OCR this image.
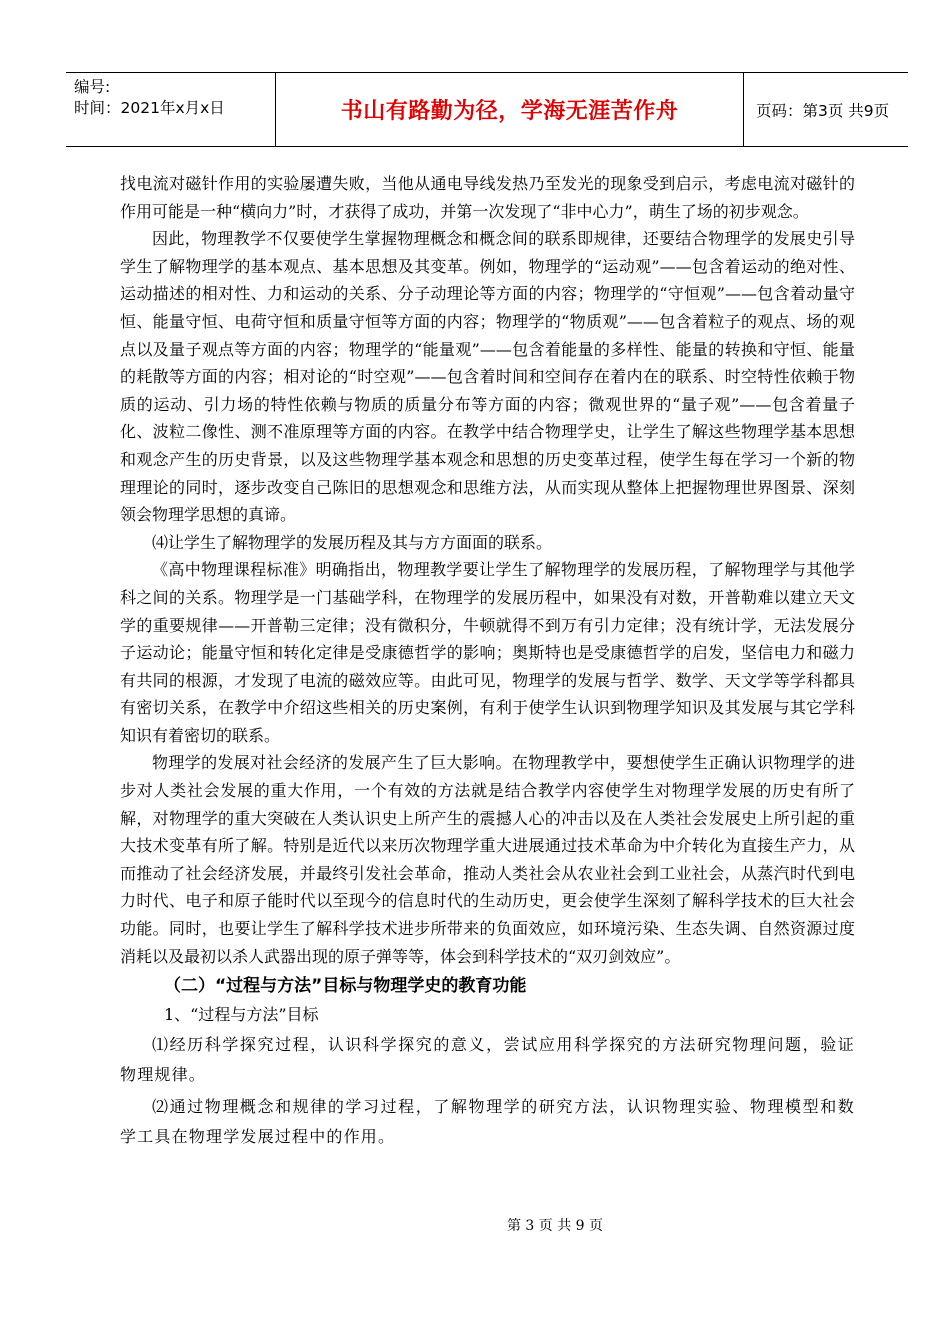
编号:
时间：2021年x月x日	书山有路勤为径，学海无涯苦作舟	页码：第3页 共9页

找电流对磁针作用的实验屡遭失败，当他从通电导线发热乃至发光的现象受到启示，考虑电流对磁针的作用可能是一种“横向力”时，才获得了成功，并第一次发现了“非中心力”，萌生了场的初步观念。

因此，物理教学不仅要使学生掌握物理概念和概念间的联系即规律，还要结合物理学的发展史引导学生了解物理学的基本观点、基本思想及其变革。例如，物理学的“运动观”——包含着运动的绝对性、运动描述的相对性、力和运动的关系、分子动理论等方面的内容；物理学的“守恒观”——包含着动量守恒、能量守恒、电荷守恒和质量守恒等方面的内容；物理学的“物质观”——包含着粒子的观点、场的观点以及量子观点等方面的内容；物理学的“能量观”——包含着能量的多样性、能量的转换和守恒、能量的耗散等方面的内容；相对论的“时空观”——包含着时间和空间存在着内在的联系、时空特性依赖于物质的运动、引力场的特性依赖与物质的质量分布等方面的内容；微观世界的“量子观”——包含着量子化、波粒二像性、测不准原理等方面的内容。在教学中结合物理学史，让学生了解这些物理学基本思想和观念产生的历史背景，以及这些物理学基本观念和思想的历史变革过程，使学生每在学习一个新的物理理论的同时，逐步改变自己陈旧的思想观念和思维方法，从而实现从整体上把握物理世界图景、深刻领会物理学思想的真谛。

⑷让学生了解物理学的发展历程及其与方方面面的联系。

《高中物理课程标准》明确指出，物理教学要让学生了解物理学的发展历程，了解物理学与其他学科之间的关系。物理学是一门基础学科，在物理学的发展历程中，如果没有对数，开普勒难以建立天文学的重要规律——开普勒三定律；没有微积分，牛顿就得不到万有引力定律；没有统计学，无法发展分子运动论；能量守恒和转化定律是受康德哲学的影响；奥斯特也是受康德哲学的启发，坚信电力和磁力有共同的根源，才发现了电流的磁效应等。由此可见，物理学的发展与哲学、数学、天文学等学科都具有密切关系，在教学中介绍这些相关的历史案例，有利于使学生认识到物理学知识及其发展与其它学科知识有着密切的联系。

物理学的发展对社会经济的发展产生了巨大影响。在物理教学中，要想使学生正确认识物理学的进步对人类社会发展的重大作用，一个有效的方法就是结合教学内容使学生对物理学发展的历史有所了解，对物理学的重大突破在人类认识史上所产生的震撼人心的冲击以及在人类社会发展史上所引起的重大技术变革有所了解。特别是近代以来历次物理学重大进展通过技术革命为中介转化为直接生产力，从而推动了社会经济发展，并最终引发社会革命，推动人类社会从农业社会到工业社会，从蒸汽时代到电力时代、电子和原子能时代以至现今的信息时代的生动历史，更会使学生深刻了解科学技术的巨大社会功能。同时，也要让学生了解科学技术进步所带来的负面效应，如环境污染、生态失调、自然资源过度消耗以及最初以杀人武器出现的原子弹等等，体会到科学技术的“双刃剑效应”。

（二）“过程与方法”目标与物理学史的教育功能
1、“过程与方法”目标

⑴经历科学探究过程，认识科学探究的意义，尝试应用科学探究的方法研究物理问题，验证物理规律。

⑵通过物理概念和规律的学习过程，了解物理学的研究方法，认识物理实验、物理模型和数学工具在物理学发展过程中的作用。

第 3 页 共 9 页
